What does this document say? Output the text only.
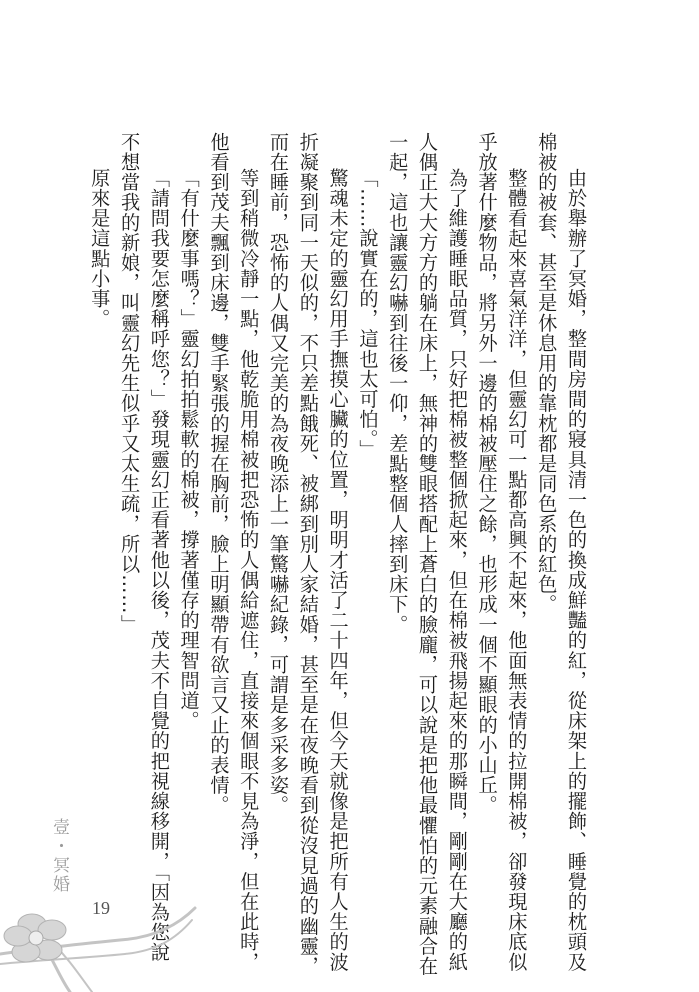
由於舉辦了冥婚，整間房間的寢具清一色的換成鮮豔的紅，從床架上的擺飾、睡覺的枕頭及

棉被的被套、甚至是休息用的靠枕都是同色系的紅色。

整體看起來喜氣洋洋，但靈幻可一點都高興不起來，他面無表情的拉開棉被，卻發現床底似

乎放著什麼物品，將另外一邊的棉被壓住之餘，也形成一個不顯眼的小山丘。

為了維護睡眠品質，只好把棉被整個掀起來，但在棉被飛揚起來的那瞬間，剛剛在大廳的紙

人偶正大大方方的躺在床上，無神的雙眼搭配上蒼白的臉龐，可以說是把他最懼怕的元素融合在

一起，這也讓靈幻嚇到往後一仰，差點整個人摔到床下。

「……說實在的，這也太可怕。」

驚魂未定的靈幻用手撫摸心臟的位置，明明才活了二十四年，但今天就像是把所有人生的波

折凝聚到同一天似的，不只差點餓死、被綁到別人家結婚，甚至是在夜晚看到從沒見過的幽靈，

而在睡前，恐怖的人偶又完美的為夜晚添上一筆驚嚇紀錄，可謂是多采多姿。

等到稍微冷靜一點，他乾脆用棉被把恐怖的人偶給遮住，直接來個眼不見為淨，但在此時，

他看到茂夫飄到床邊，雙手緊張的握在胸前，臉上明顯帶有欲言又止的表情。

「有什麼事嗎？」靈幻拍拍鬆軟的棉被，撐著僅存的理智問道。

「請問我要怎麼稱呼您？」發現靈幻正看著他以後，茂夫不自覺的把視線移開，「因為您說

不想當我的新娘，叫靈幻先生似乎又太生疏，所以……」

原來是這點小事。

壹・冥婚
19
